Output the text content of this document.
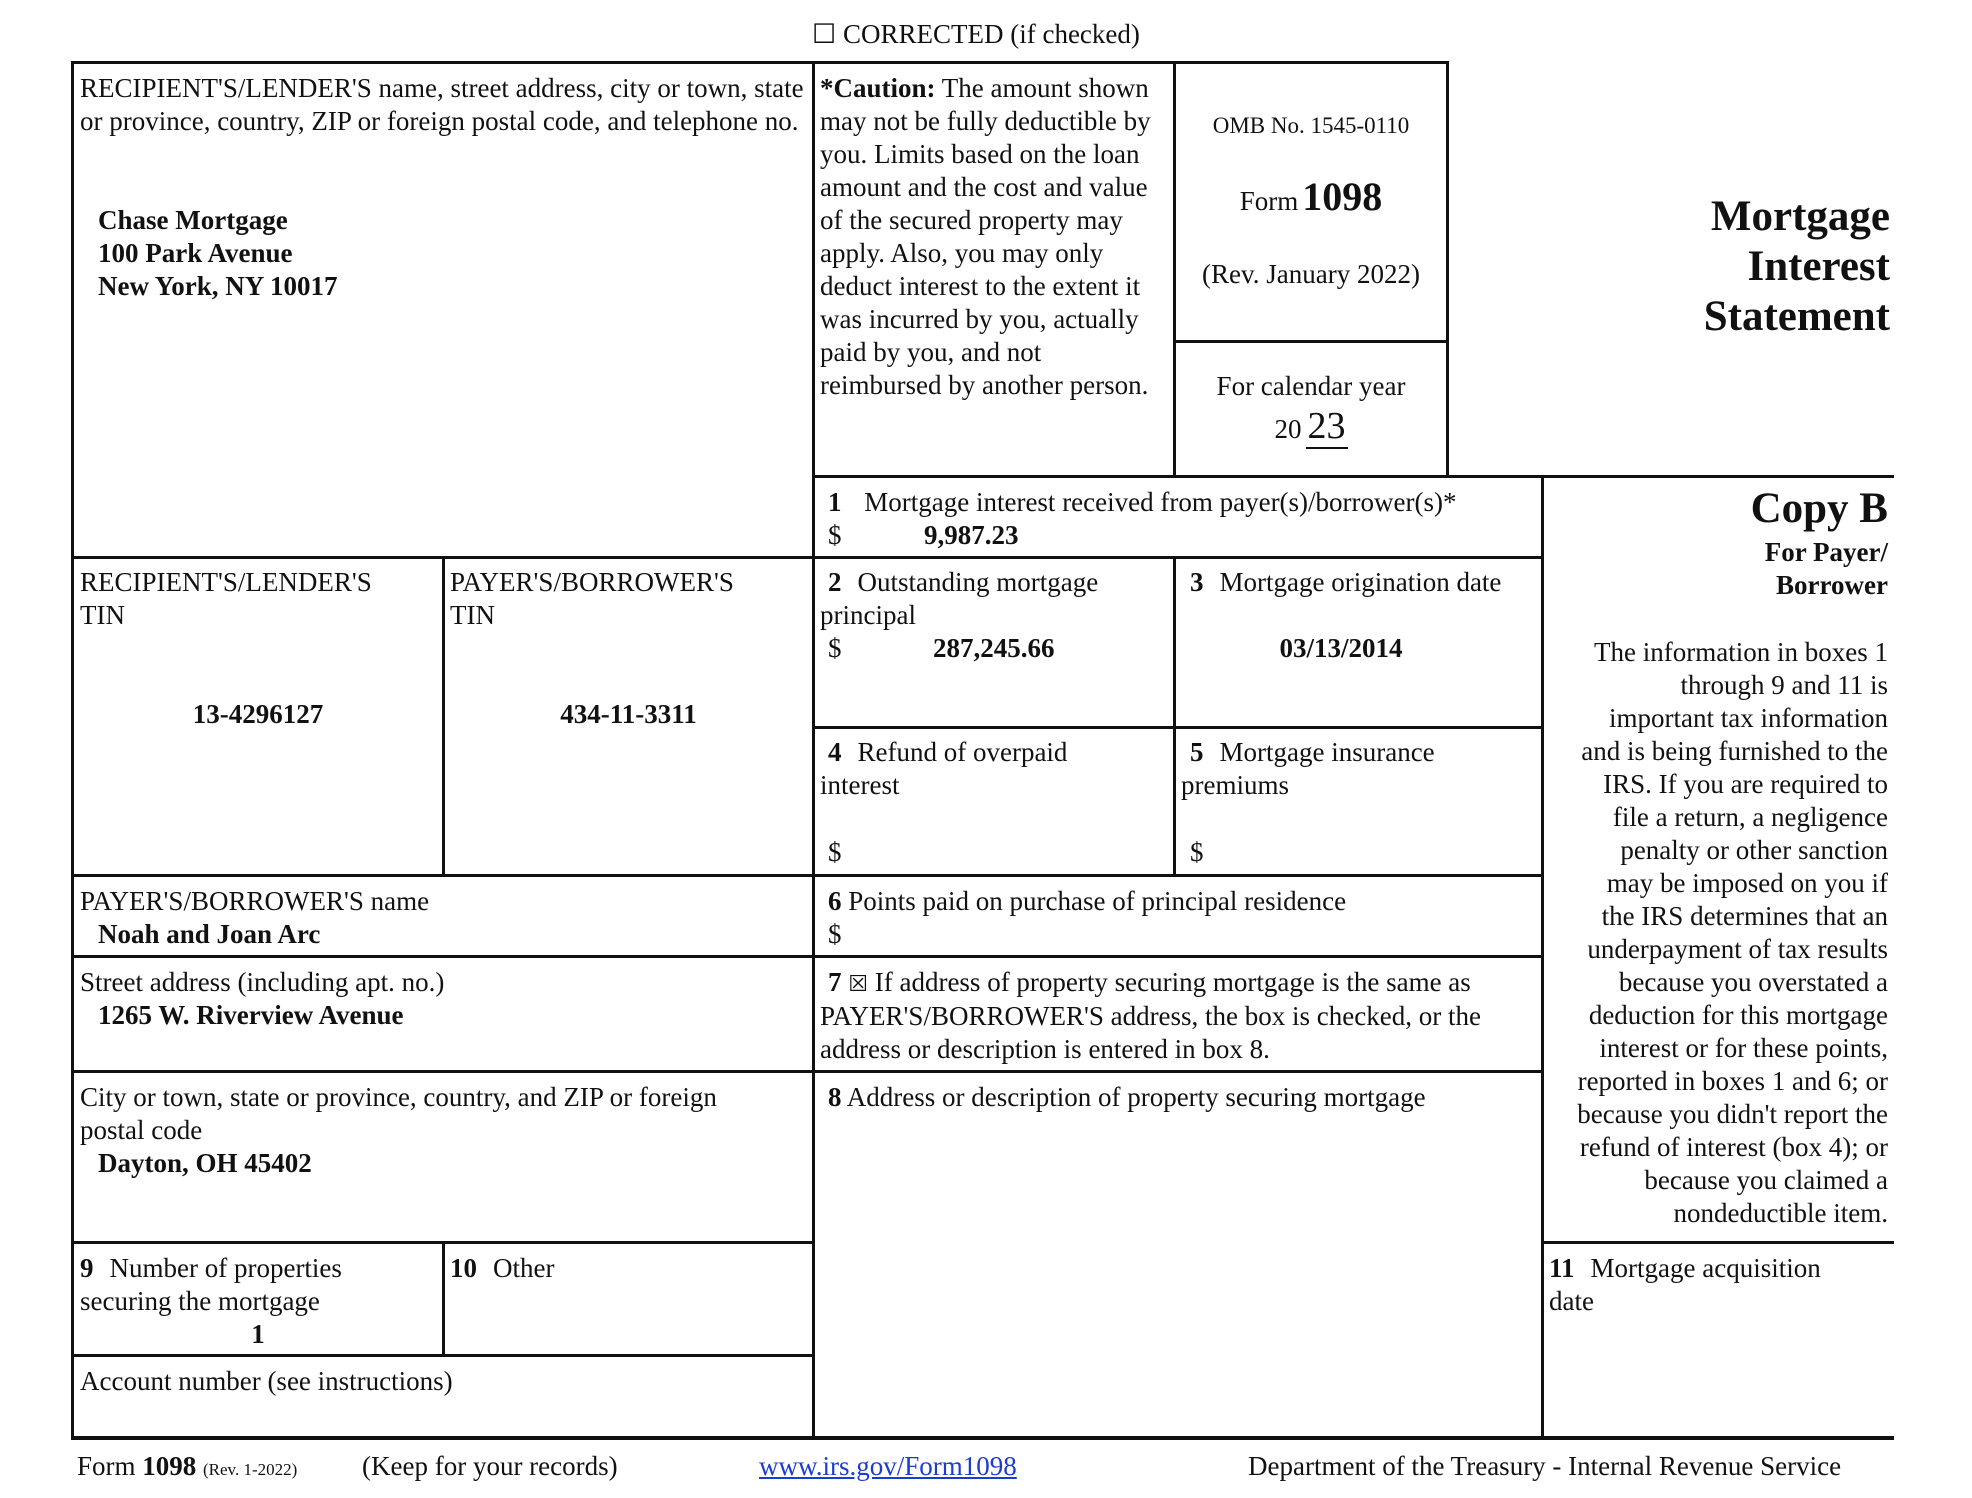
☐ CORRECTED (if checked)
RECIPIENT'S/LENDER'S name, street address, city or town, state or province, country, ZIP or foreign postal code, and telephone no.
Chase Mortgage
100 Park Avenue
New York, NY 10017
*Caution: The amount shown may not be fully deductible by you. Limits based on the loan amount and the cost and value of the secured property may apply. Also, you may only deduct interest to the extent it was incurred by you, actually paid by you, and not reimbursed by another person.
OMB No. 1545-0110
Form 1098
(Rev. January 2022)
For calendar year
20 23
Mortgage
Interest
Statement
1 Mortgage interest received from payer(s)/borrower(s)*
$	9,987.23
Copy B
For Payer/
Borrower
The information in boxes 1
through 9 and 11 is
important tax information
and is being furnished to the
IRS. If you are required to
file a return, a negligence
penalty or other sanction
may be imposed on you if
the IRS determines that an
underpayment of tax results
because you overstated a
deduction for this mortgage
interest or for these points,
reported in boxes 1 and 6; or
because you didn't report the
refund of interest (box 4); or
because you claimed a
nondeductible item.
RECIPIENT'S/LENDER'S
TIN
13-4296127
PAYER'S/BORROWER'S
TIN
434-11-3311
2 Outstanding mortgage
principal
$	287,245.66
3 Mortgage origination date
03/13/2014
4 Refund of overpaid
interest
$
5 Mortgage insurance
premiums
$
PAYER'S/BORROWER'S name
Noah and Joan Arc
6 Points paid on purchase of principal residence
$
Street address (including apt. no.)
1265 W. Riverview Avenue
7 ☒ If address of property securing mortgage is the same as
PAYER'S/BORROWER'S address, the box is checked, or the
address or description is entered in box 8.
City or town, state or province, country, and ZIP or foreign
postal code
Dayton, OH 45402
8 Address or description of property securing mortgage
9 Number of properties
securing the mortgage
1
10 Other	11 Mortgage acquisition
date
Account number (see instructions)
Form 1098 (Rev. 1-2022) (Keep for your records)	www.irs.gov/Form1098	Department of the Treasury - Internal Revenue Service
